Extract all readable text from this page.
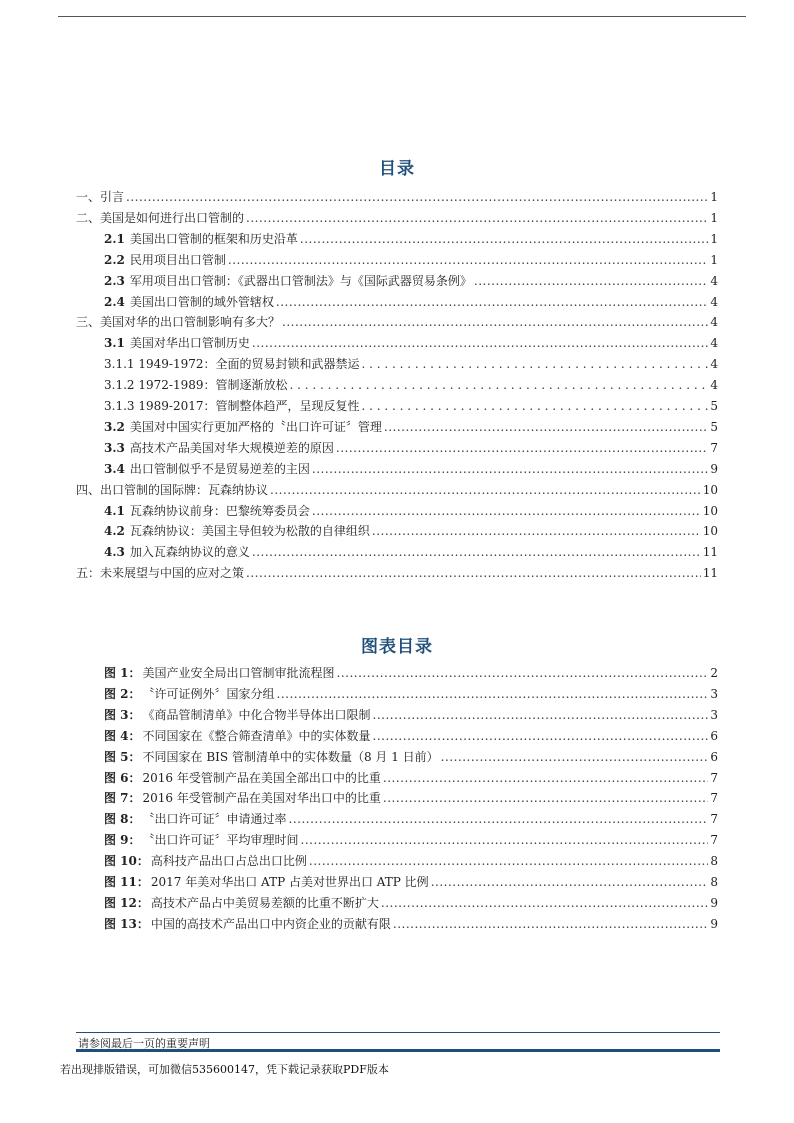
目录
一、 引言 .....	1
二、 美国是如何进行出口管制的 .....	1
2.1 美国出口管制的框架和历史沿革 .....	1
2.2 民用项目出口管制 .....	1
2.3 军用项目出口管制：《武器出口管制法》与《国际武器贸易条例》 .....	4
2.4 美国出口管制的域外管辖权 .....	4
三、 美国对华的出口管制影响有多大？ .....	4
3.1 美国对华出口管制历史 .....	4
3.1.1 1949-1972：全面的贸易封锁和武器禁运 . . .	4
3.1.2 1972-1989：管制逐渐放松 . . .	4
3.1.3 1989-2017：管制整体趋严，呈现反复性 . . .	5
3.2 美国对中国实行更加严格的〝出口许可证〞管理 .....	5
3.3 高技术产品美国对华大规模逆差的原因 .....	7
3.4 出口管制似乎不是贸易逆差的主因 .....	9
四、 出口管制的国际牌：瓦森纳协议 .....	10
4.1 瓦森纳协议前身：巴黎统筹委员会 .....	10
4.2 瓦森纳协议：美国主导但较为松散的自律组织 .....	10
4.3 加入瓦森纳协议的意义 .....	11
五： 未来展望与中国的应对之策 .....	11
图 1： 美国产业安全局出口管制审批流程图 .....	2
图 2： 〝许可证例外〞国家分组 .....	3
图 3： 《商品管制清单》中化合物半导体出口限制 .....	3
图 4： 不同国家在《整合筛查清单》中的实体数量 .....	6
图 5： 不同国家在 BIS 管制清单中的实体数量（8 月 1 日前） .....	6
图 6： 2016 年受管制产品在美国全部出口中的比重 .....	7
图 7： 2016 年受管制产品在美国对华出口中的比重 .....	7
图 8： 〝出口许可证〞申请通过率 .....	7
图 9： 〝出口许可证〞平均审理时间 .....	7
图 10： 高科技产品出口占总出口比例 .....	8
图 11： 2017 年美对华出口 ATP 占美对世界出口 ATP 比例 .....	8
图 12： 高技术产品占中美贸易差额的比重不断扩大 .....	9
图 13： 中国的高技术产品出口中内资企业的贡献有限 .....	9
图表目录
请参阅最后一页的重要声明
若出现排版错误，可加微信535600147，凭下载记录获取PDF版本
